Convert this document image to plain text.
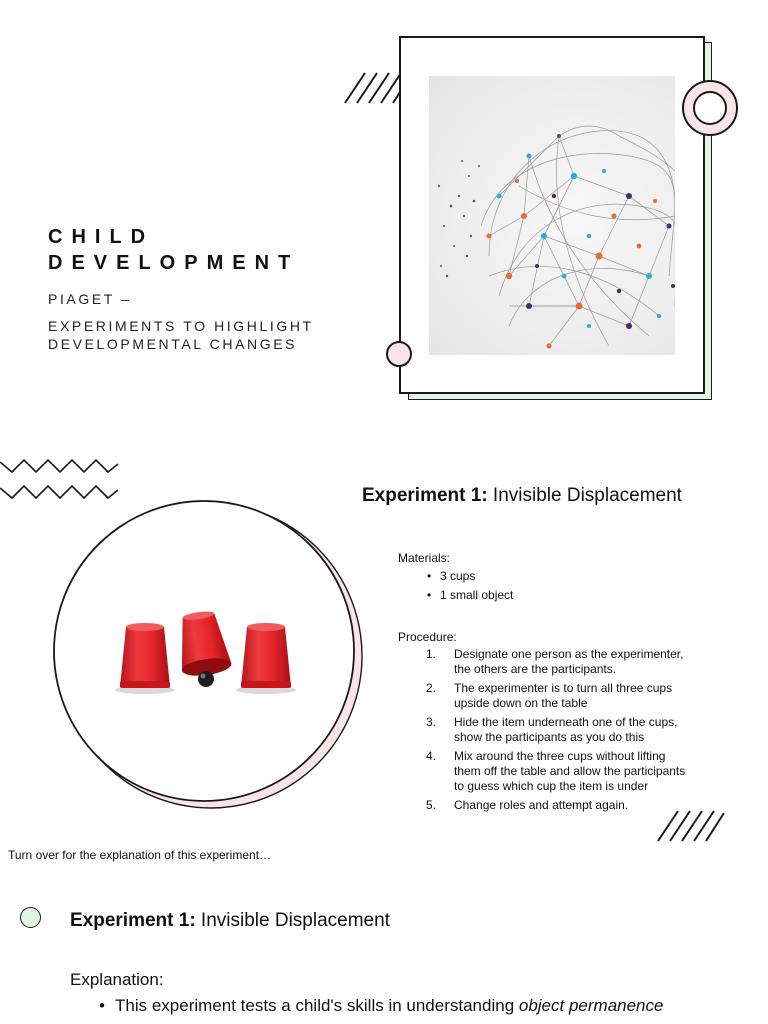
CHILD
DEVELOPMENT

PIAGET –
EXPERIMENTS TO HIGHLIGHT
DEVELOPMENTAL CHANGES

Experiment 1: Invisible Displacement

Materials:

• 3 cups
• 1 small object

Procedure:

1. Designate one person as the experimenter,
the others are the participants.
2. The experimenter is to turn all three cups
upside down on the table
3. Hide the item underneath one of the cups,
show the participants as you do this
4. Mix around the three cups without lifting
them off the table and allow the participants
to guess which cup the item is under
5. Change roles and attempt again.
Turn over for the explanation of this experiment…
Experiment 1: Invisible Displacement

Explanation:

• This experiment tests a child's skills in understanding object permanence
